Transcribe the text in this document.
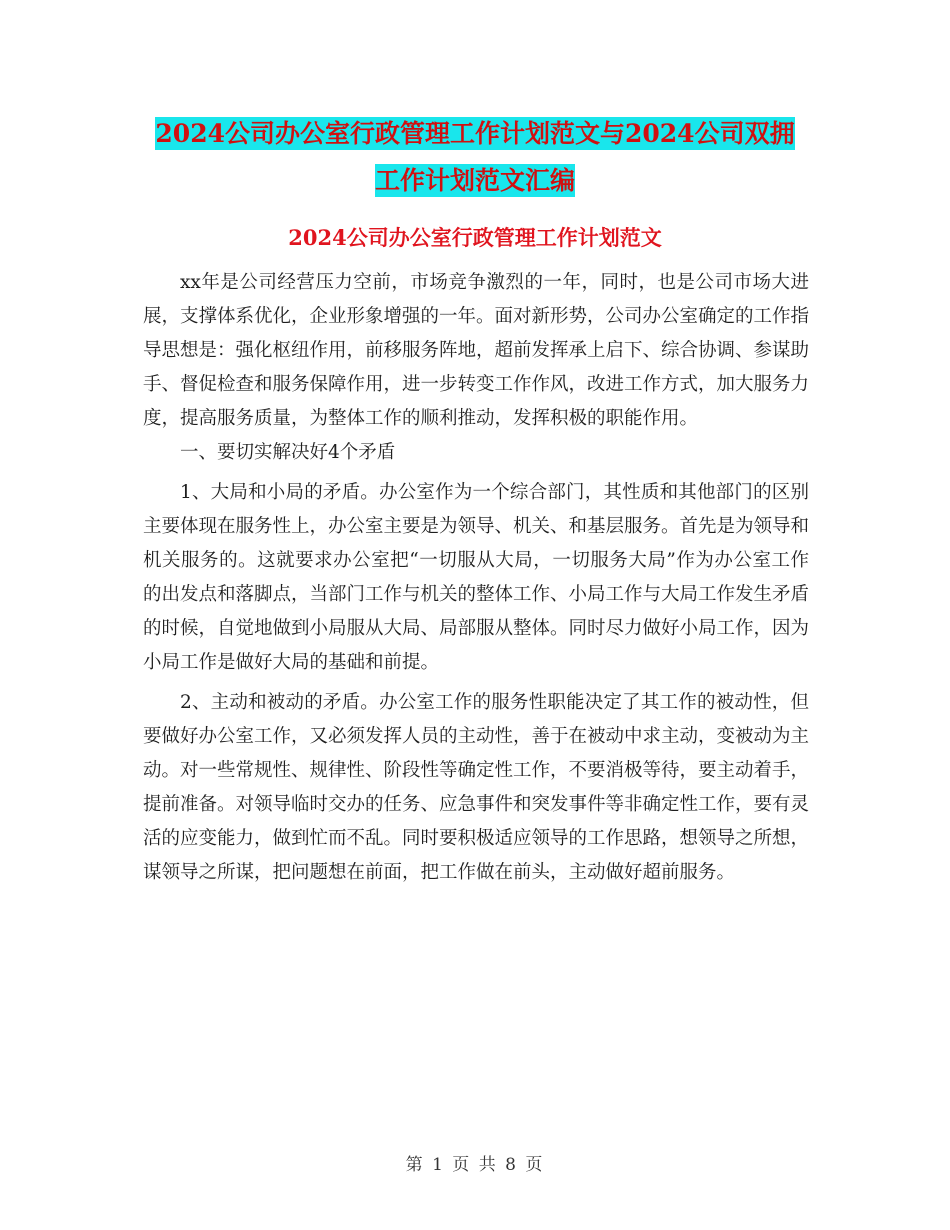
2024公司办公室行政管理工作计划范文与2024公司双拥工作计划范文汇编
2024公司办公室行政管理工作计划范文

xx年是公司经营压力空前，市场竞争激烈的一年，同时，也是公司市场大进展，支撑体系优化，企业形象增强的一年。面对新形势，公司办公室确定的工作指导思想是：强化枢纽作用，前移服务阵地，超前发挥承上启下、综合协调、参谋助手、督促检查和服务保障作用，进一步转变工作作风，改进工作方式，加大服务力度，提高服务质量，为整体工作的顺利推动，发挥积极的职能作用。

一、要切实解决好4个矛盾

1、大局和小局的矛盾。办公室作为一个综合部门，其性质和其他部门的区别主要体现在服务性上，办公室主要是为领导、机关、和基层服务。首先是为领导和机关服务的。这就要求办公室把“一切服从大局，一切服务大局”作为办公室工作的出发点和落脚点，当部门工作与机关的整体工作、小局工作与大局工作发生矛盾的时候，自觉地做到小局服从大局、局部服从整体。同时尽力做好小局工作，因为小局工作是做好大局的基础和前提。

2、主动和被动的矛盾。办公室工作的服务性职能决定了其工作的被动性，但要做好办公室工作，又必须发挥人员的主动性，善于在被动中求主动，变被动为主动。对一些常规性、规律性、阶段性等确定性工作，不要消极等待，要主动着手，提前准备。对领导临时交办的任务、应急事件和突发事件等非确定性工作，要有灵活的应变能力，做到忙而不乱。同时要积极适应领导的工作思路，想领导之所想，谋领导之所谋，把问题想在前面，把工作做在前头，主动做好超前服务。

第 1 页 共 8 页
